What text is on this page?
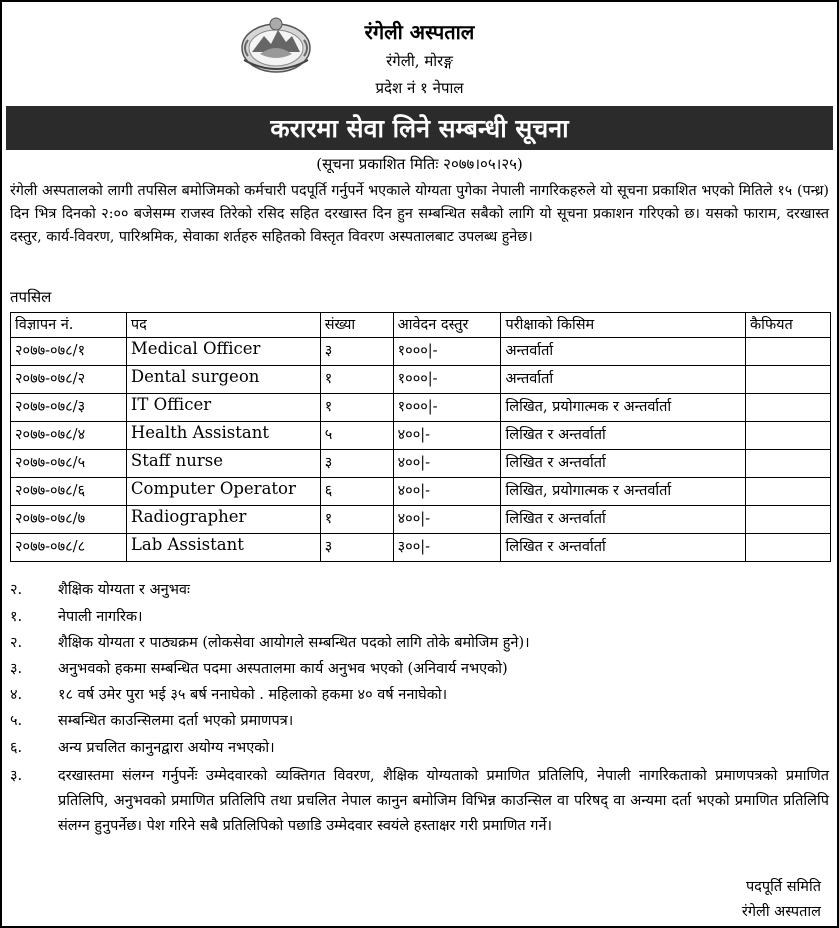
रंगेली अस्पताल
रंगेली, मोरङ्ग
प्रदेश नं १ नेपाल
करारमा सेवा लिने सम्बन्धी सूचना
(सूचना प्रकाशित मितिः २०७७।०५।२५)
रंगेली अस्पतालको लागी तपसिल बमोजिमको कर्मचारी पदपूर्ति गर्नुपर्ने भएकाले योग्यता पुगेका नेपाली नागरिकहरुले यो सूचना प्रकाशित भएको मितिले १५ (पन्ध्र) दिन भित्र दिनको २:०० बजेसम्म राजस्व तिरेको रसिद सहित दरखास्त दिन हुन सम्बन्धित सबैको लागि यो सूचना प्रकाशन गरिएको छ। यसको फाराम, दरखास्त दस्तुर, कार्य-विवरण, पारिश्रमिक, सेवाका शर्तहरु सहितको विस्तृत विवरण अस्पतालबाट उपलब्ध हुनेछ।
तपसिल
विज्ञापन नं.	पद	संख्या	आवेदन दस्तुर	परीक्षाको किसिम	कैफियत
२०७७-०७८/१	Medical Officer	३	१०००|-	अन्तर्वार्ता	
२०७७-०७८/२	Dental surgeon	१	१०००|-	अन्तर्वार्ता	
२०७७-०७८/३	IT Officer	१	१०००|-	लिखित, प्रयोगात्मक र अन्तर्वार्ता	
२०७७-०७८/४	Health Assistant	५	४००|-	लिखित र अन्तर्वार्ता	
२०७७-०७८/५	Staff nurse	३	४००|-	लिखित र अन्तर्वार्ता	
२०७७-०७८/६	Computer Operator	६	४००|-	लिखित, प्रयोगात्मक र अन्तर्वार्ता	
२०७७-०७८/७	Radiographer	१	४००|-	लिखित र अन्तर्वार्ता	
२०७७-०७८/८	Lab Assistant	३	३००|-	लिखित र अन्तर्वार्ता	
२. शैक्षिक योग्यता र अनुभवः
१. नेपाली नागरिक।
२. शैक्षिक योग्यता र पाठ्यक्रम (लोकसेवा आयोगले सम्बन्धित पदको लागि तोके बमोजिम हुने)।
३. अनुभवको हकमा सम्बन्धित पदमा अस्पतालमा कार्य अनुभव भएको (अनिवार्य नभएको)
४. १८ वर्ष उमेर पुरा भई ३५ बर्ष ननाघेको . महिलाको हकमा ४० वर्ष ननाघेको।
५. सम्बन्धित काउन्सिलमा दर्ता भएको प्रमाणपत्र।
६. अन्य प्रचलित कानुनद्वारा अयोग्य नभएको।
३. दरखास्तमा संलग्न गर्नुपर्नेः उम्मेदवारको व्यक्तिगत विवरण, शैक्षिक योग्यताको प्रमाणित प्रतिलिपि, नेपाली नागरिकताको प्रमाणपत्रको प्रमाणित प्रतिलिपि, अनुभवको प्रमाणित प्रतिलिपि तथा प्रचलित नेपाल कानुन बमोजिम विभिन्न काउन्सिल वा परिषद् वा अन्यमा दर्ता भएको प्रमाणित प्रतिलिपि संलग्न हुनुपर्नेछ। पेश गरिने सबै प्रतिलिपिको पछाडि उम्मेदवार स्वयंले हस्ताक्षर गरी प्रमाणित गर्ने।
पदपूर्ति समिति
रंगेली अस्पताल
